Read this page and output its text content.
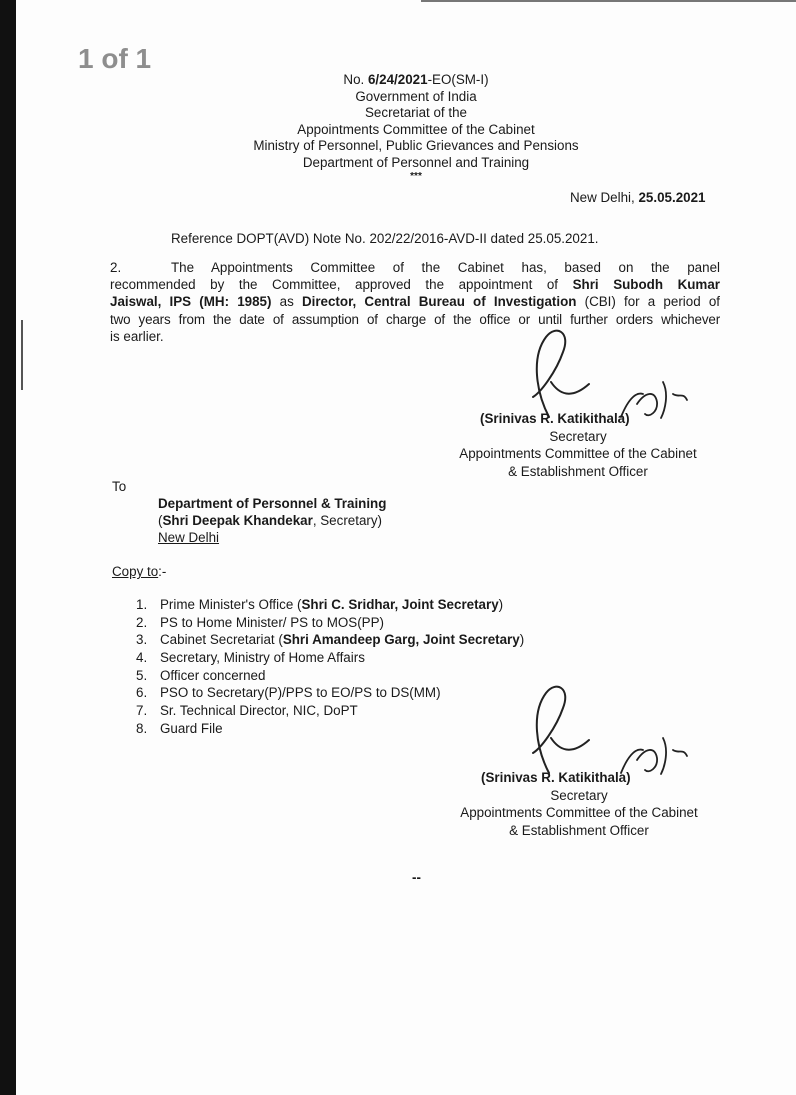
1 of 1
No. 6/24/2021-EO(SM-I)
Government of India
Secretariat of the
Appointments Committee of the Cabinet
Ministry of Personnel, Public Grievances and Pensions
Department of Personnel and Training
***
New Delhi, 25.05.2021
Reference DOPT(AVD) Note No. 202/22/2016-AVD-II dated 25.05.2021.
2.	The Appointments Committee of the Cabinet has, based on the panel
recommended by the Committee, approved the appointment of Shri Subodh Kumar
Jaiswal, IPS (MH: 1985) as Director, Central Bureau of Investigation (CBI) for a period of
two years from the date of assumption of charge of the office or until further orders whichever
is earlier.
(Srinivas R. Katikithala)
Secretary
Appointments Committee of the Cabinet
& Establishment Officer
To
Department of Personnel & Training
(Shri Deepak Khandekar, Secretary)
New Delhi
Copy to:-
1. Prime Minister's Office (Shri C. Sridhar, Joint Secretary)
2. PS to Home Minister/ PS to MOS(PP)
3. Cabinet Secretariat (Shri Amandeep Garg, Joint Secretary)
4. Secretary, Ministry of Home Affairs
5. Officer concerned
6. PSO to Secretary(P)/PPS to EO/PS to DS(MM)
7. Sr. Technical Director, NIC, DoPT
8. Guard File
(Srinivas R. Katikithala)
Secretary
Appointments Committee of the Cabinet
& Establishment Officer
--
